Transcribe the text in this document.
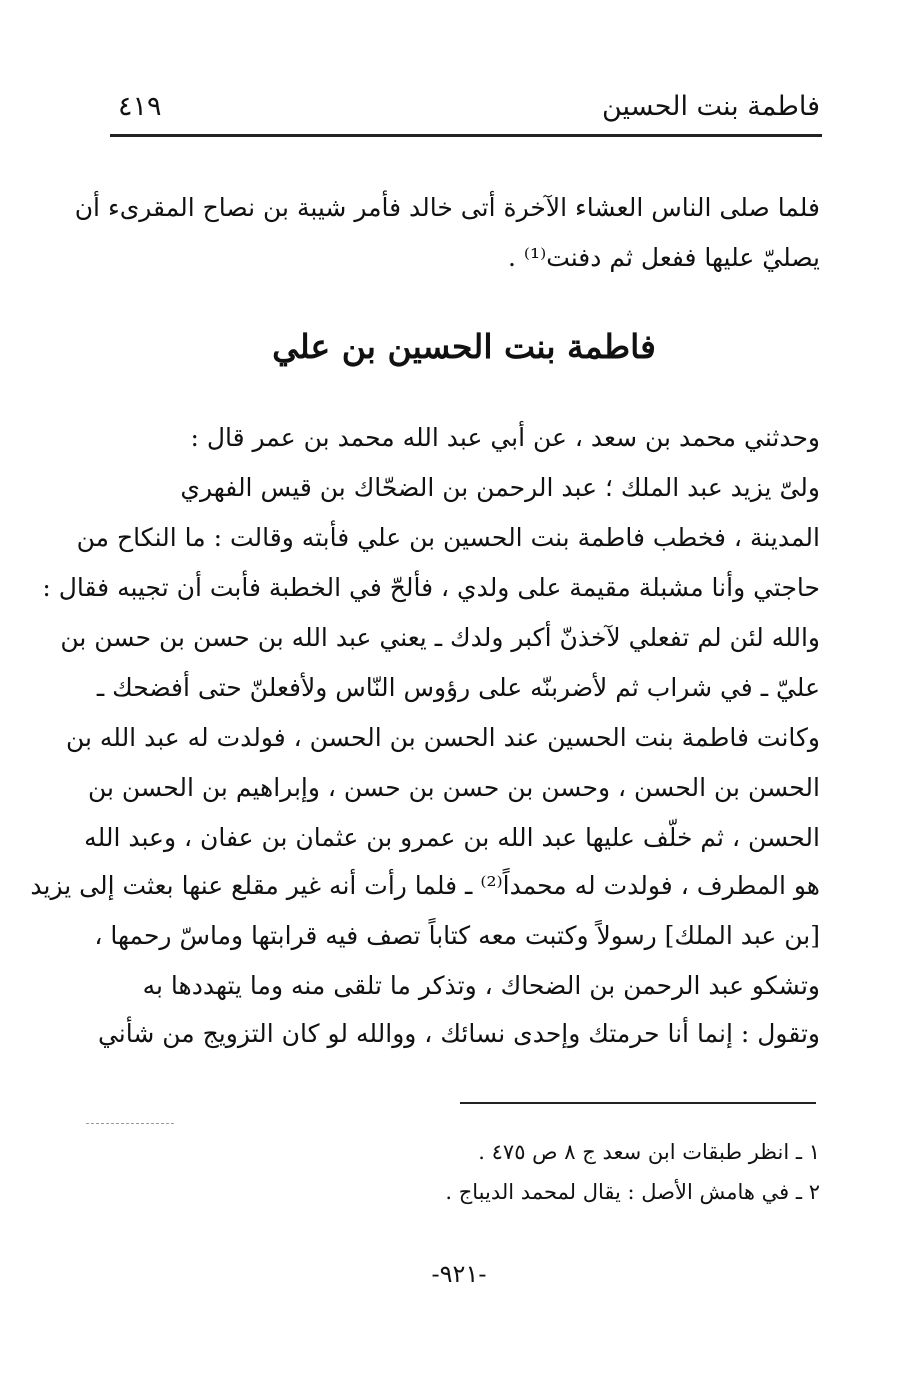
فاطمة بنت الحسين
٤١٩
فلما صلى الناس العشاء الآخرة أتى خالد فأمر شيبة بن نصاح المقرىء أن
يصليّ عليها ففعل ثم دفنت⁽¹⁾ .
فاطمة بنت الحسين بن علي
وحدثني محمد بن سعد ، عن أبي عبد الله محمد بن عمر قال :
ولىّ يزيد عبد الملك ؛ عبد الرحمن بن الضحّاك بن قيس الفهري
المدينة ، فخطب فاطمة بنت الحسين بن علي فأبته وقالت : ما النكاح من
حاجتي وأنا مشبلة مقيمة على ولدي ، فألحّ في الخطبة فأبت أن تجيبه فقال :
والله لئن لم تفعلي لآخذنّ أكبر ولدك ـ يعني عبد الله بن حسن بن حسن بن
عليّ ـ في شراب ثم لأضربنّه على رؤوس النّاس ولأفعلنّ حتى أفضحك ـ
وكانت فاطمة بنت الحسين عند الحسن بن الحسن ، فولدت له عبد الله بن
الحسن بن الحسن ، وحسن بن حسن بن حسن ، وإبراهيم بن الحسن بن
الحسن ، ثم خلّف عليها عبد الله بن عمرو بن عثمان بن عفان ، وعبد الله
هو المطرف ، فولدت له محمداً⁽²⁾ ـ فلما رأت أنه غير مقلع عنها بعثت إلى يزيد
[بن عبد الملك] رسولاً وكتبت معه كتاباً تصف فيه قرابتها وماسّ رحمها ،
وتشكو عبد الرحمن بن الضحاك ، وتذكر ما تلقى منه وما يتهددها به
وتقول : إنما أنا حرمتك وإحدى نسائك ، ووالله لو كان التزويج من شأني
١ ـ انظر طبقات ابن سعد ج ٨ ص ٤٧٥ .
٢ ـ في هامش الأصل : يقال لمحمد الديباج .
-٩٢١-
